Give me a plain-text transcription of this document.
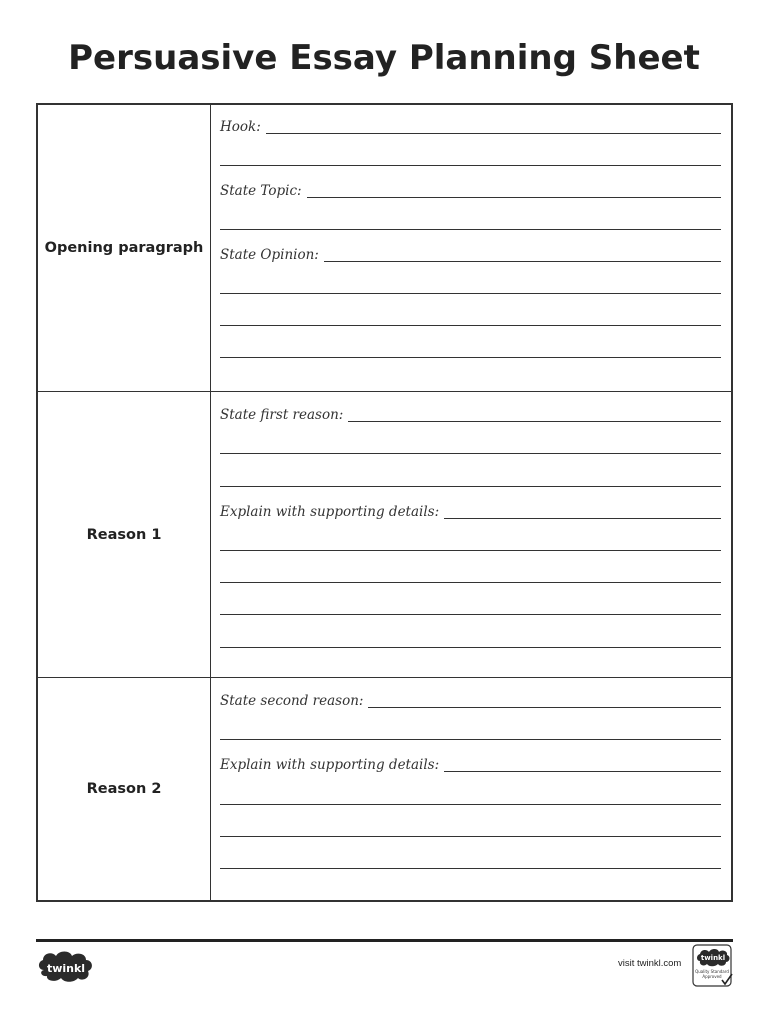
Persuasive Essay Planning Sheet
Opening paragraph
Hook:
State Topic:
State Opinion:
Reason 1
State first reason:
Explain with supporting details:
Reason 2
State second reason:
Explain with supporting details:
twinkl	visit twinkl.com	twinkl
Quality Standard
Approved
